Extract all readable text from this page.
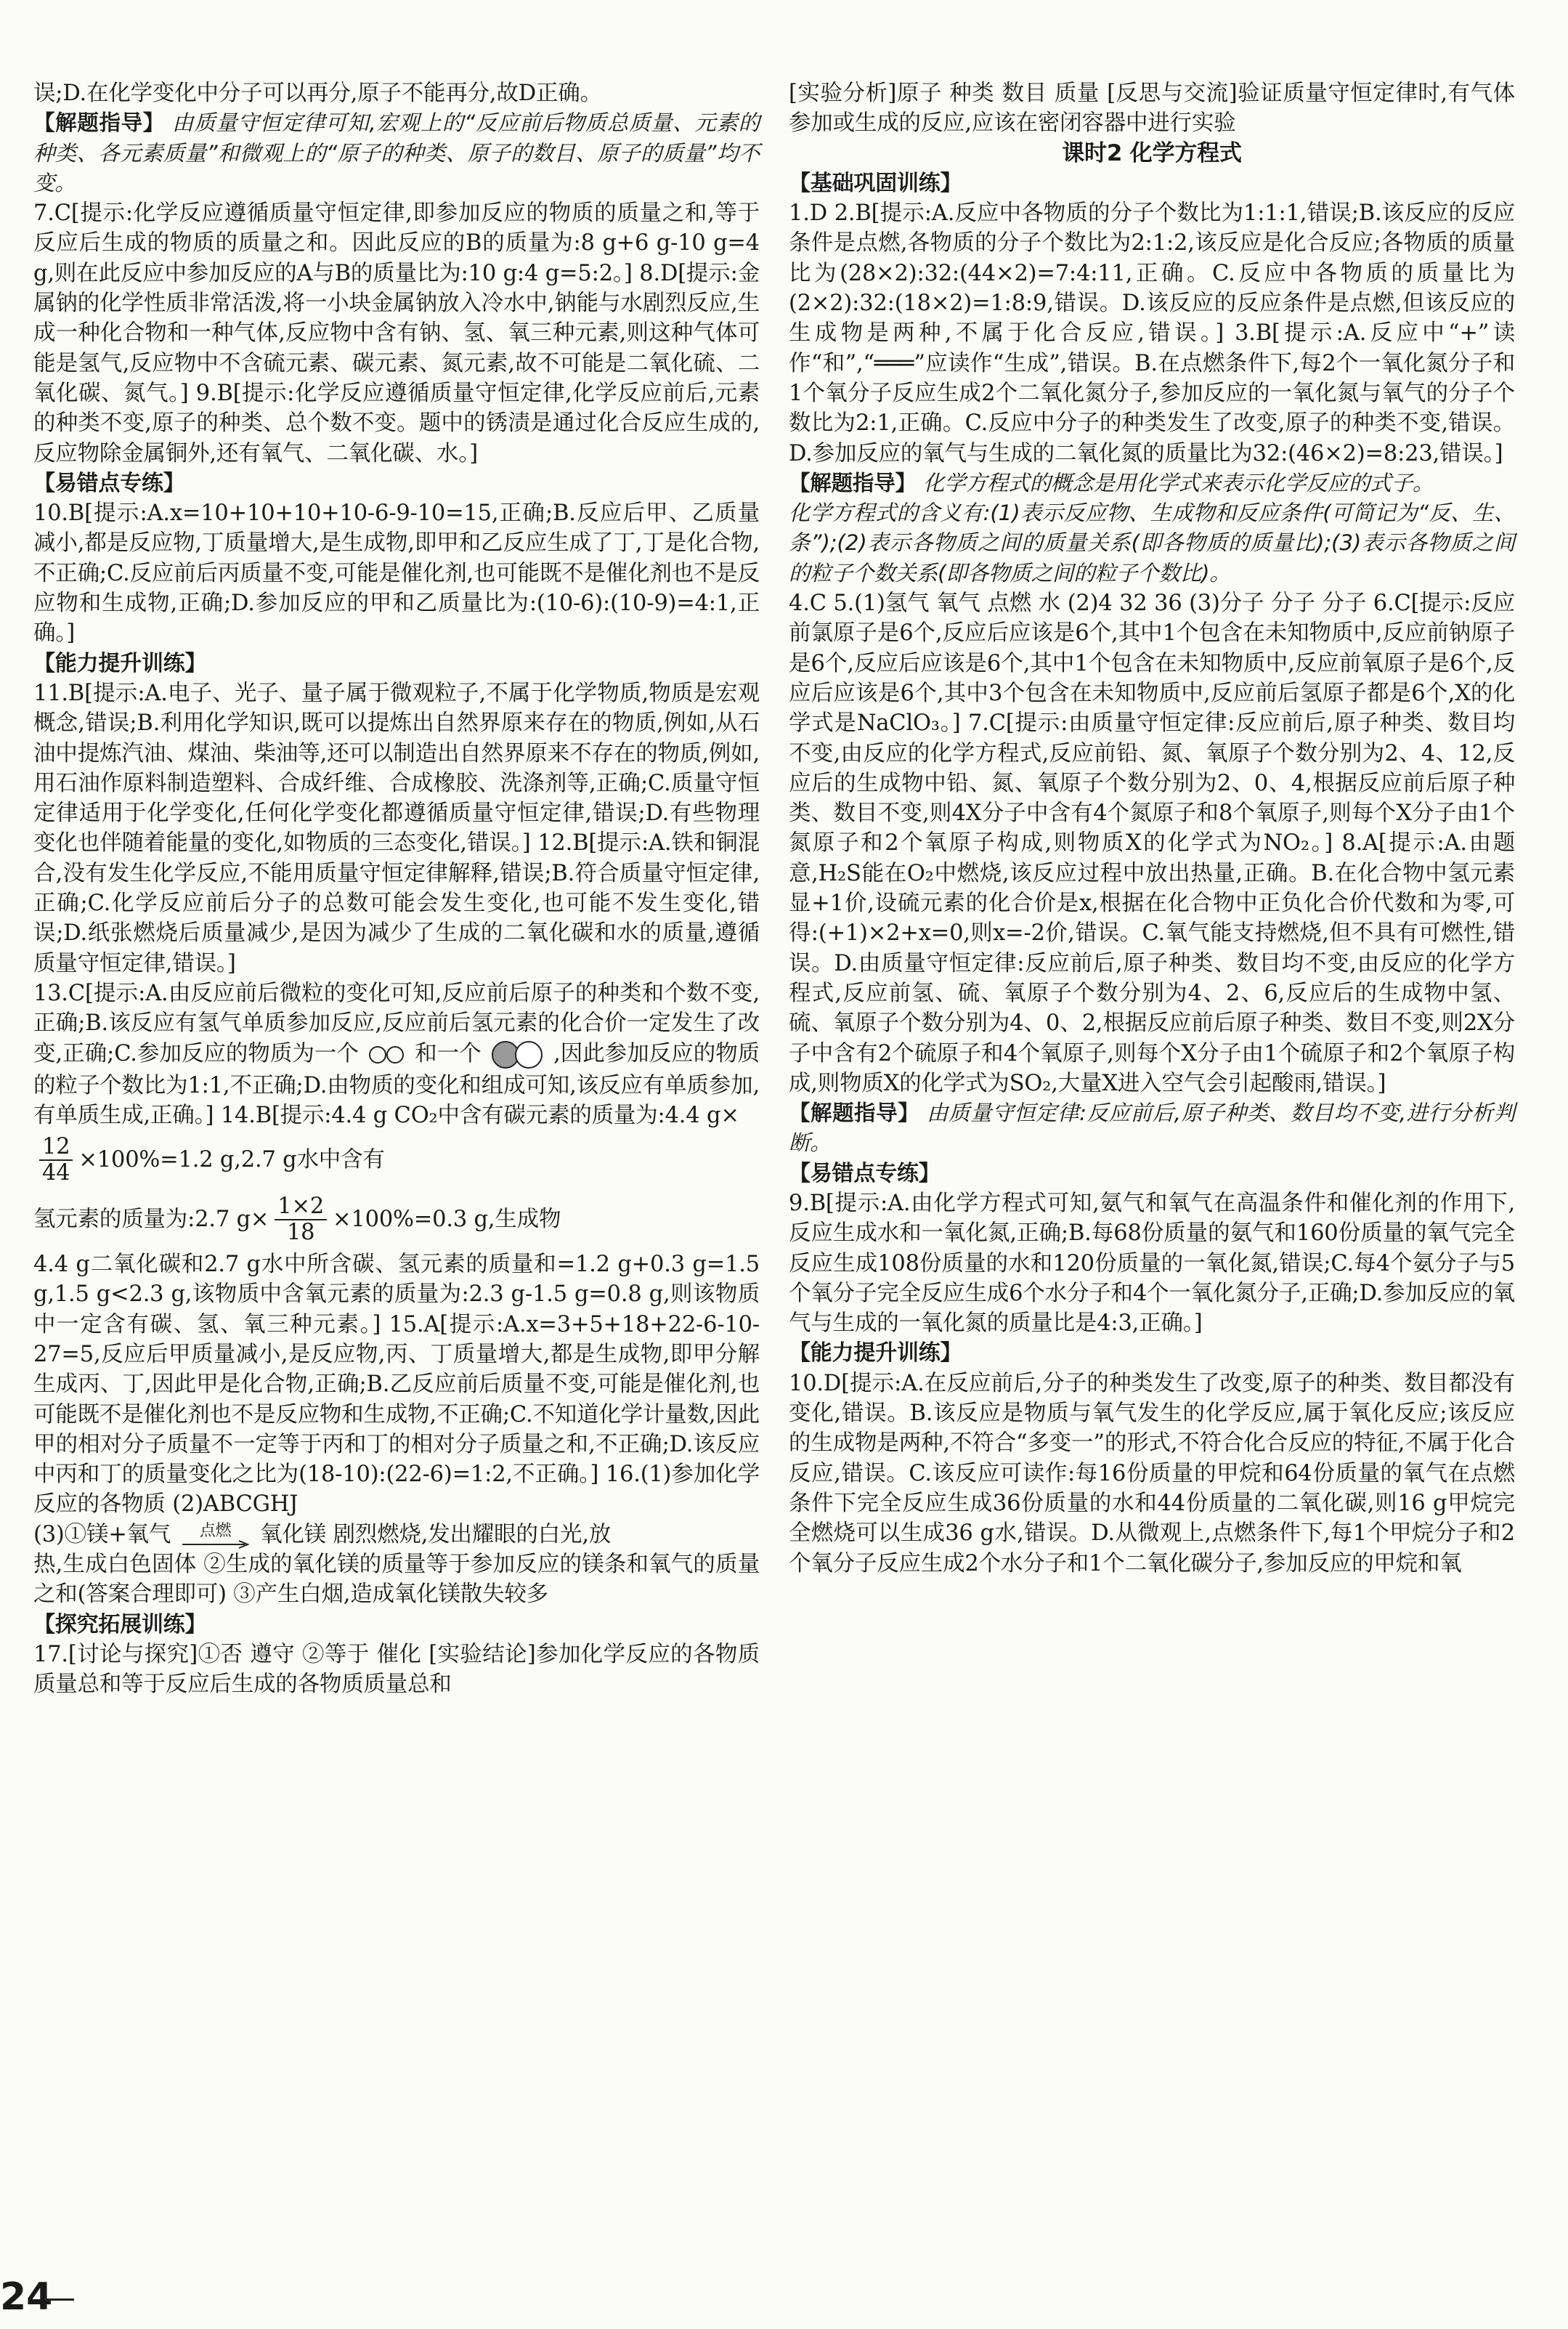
误;D.在化学变化中分子可以再分,原子不能再分,故D正确。

【解题指导】 由质量守恒定律可知,宏观上的“反应前后物质总质量、元素的种类、各元素质量”和微观上的“原子的种类、原子的数目、原子的质量”均不变。

7.C[提示:化学反应遵循质量守恒定律,即参加反应的物质的质量之和,等于反应后生成的物质的质量之和。因此反应的B的质量为:8 g+6 g-10 g=4 g,则在此反应中参加反应的A与B的质量比为:10 g:4 g=5:2。] 8.D[提示:金属钠的化学性质非常活泼,将一小块金属钠放入冷水中,钠能与水剧烈反应,生成一种化合物和一种气体,反应物中含有钠、氢、氧三种元素,则这种气体可能是氢气,反应物中不含硫元素、碳元素、氮元素,故不可能是二氧化硫、二氧化碳、氮气。] 9.B[提示:化学反应遵循质量守恒定律,化学反应前后,元素的种类不变,原子的种类、总个数不变。题中的锈渍是通过化合反应生成的,反应物除金属铜外,还有氧气、二氧化碳、水。]

【易错点专练】

10.B[提示:A.x=10+10+10+10-6-9-10=15,正确;B.反应后甲、乙质量减小,都是反应物,丁质量增大,是生成物,即甲和乙反应生成了丁,丁是化合物,不正确;C.反应前后丙质量不变,可能是催化剂,也可能既不是催化剂也不是反应物和生成物,正确;D.参加反应的甲和乙质量比为:(10-6):(10-9)=4:1,正确。]

【能力提升训练】

11.B[提示:A.电子、光子、量子属于微观粒子,不属于化学物质,物质是宏观概念,错误;B.利用化学知识,既可以提炼出自然界原来存在的物质,例如,从石油中提炼汽油、煤油、柴油等,还可以制造出自然界原来不存在的物质,例如,用石油作原料制造塑料、合成纤维、合成橡胶、洗涤剂等,正确;C.质量守恒定律适用于化学变化,任何化学变化都遵循质量守恒定律,错误;D.有些物理变化也伴随着能量的变化,如物质的三态变化,错误。] 12.B[提示:A.铁和铜混合,没有发生化学反应,不能用质量守恒定律解释,错误;B.符合质量守恒定律,正确;C.化学反应前后分子的总数可能会发生变化,也可能不发生变化,错误;D.纸张燃烧后质量减少,是因为减少了生成的二氧化碳和水的质量,遵循质量守恒定律,错误。]

13.C[提示:A.由反应前后微粒的变化可知,反应前后原子的种类和个数不变,正确;B.该反应有氢气单质参加反应,反应前后氢元素的化合价一定发生了改变,正确;C.参加反应的物质为一个	和一个	,因此参加反应的物质的粒子个数比为1:1,不正确;D.由物质的变化和组成可知,该反应有单质参加,有单质生成,正确。] 14.B[提示:4.4 g CO₂中含有碳元素的质量为:4.4 g×

$\frac{12}{44} \times 100\%=1.2$ g,2.7 g水中含有
氢元素的质量为:2.7 $g\times \frac{1\times 2}{18} \times 100\%=0.3$ g,生成物

4.4 g二氧化碳和2.7 g水中所含碳、氢元素的质量和=1.2 g+0.3 g=1.5 g,1.5 g<2.3 g,该物质中含氧元素的质量为:2.3 g-1.5 g=0.8 g,则该物质中一定含有碳、氢、氧三种元素。] 15.A[提示:A.x=3+5+18+22-6-10-27=5,反应后甲质量减小,是反应物,丙、丁质量增大,都是生成物,即甲分解生成丙、丁,因此甲是化合物,正确;B.乙反应前后质量不变,可能是催化剂,也可能既不是催化剂也不是反应物和生成物,不正确;C.不知道化学计量数,因此甲的相对分子质量不一定等于丙和丁的相对分子质量之和,不正确;D.该反应中丙和丁的质量变化之比为(18-10):(22-6)=1:2,不正确。] 16.(1)参加化学反应的各物质 (2)ABCGHJ

(3)①镁+氧气 点燃 氧化镁 剧烈燃烧,发出耀眼的白光,放

热,生成白色固体 ②生成的氧化镁的质量等于参加反应的镁条和氧气的质量之和(答案合理即可) ③产生白烟,造成氧化镁散失较多

【探究拓展训练】

17.[讨论与探究]①否 遵守 ②等于 催化 [实验结论]参加化学反应的各物质质量总和等于反应后生成的各物质质量总和

[实验分析]原子 种类 数目 质量 [反思与交流]验证质量守恒定律时,有气体参加或生成的反应,应该在密闭容器中进行实验

课时2 化学方程式

【基础巩固训练】

1.D 2.B[提示:A.反应中各物质的分子个数比为1:1:1,错误;B.该反应的反应条件是点燃,各物质的分子个数比为2:1:2,该反应是化合反应;各物质的质量比为(28×2):32:(44×2)=7:4:11,正确。C.反应中各物质的质量比为(2×2):32:(18×2)=1:8:9,错误。D.该反应的反应条件是点燃,但该反应的生成物是两种,不属于化合反应,错误。] 3.B[提示:A.反应中“+”读作“和”,“═══”应读作“生成”,错误。B.在点燃条件下,每2个一氧化氮分子和1个氧分子反应生成2个二氧化氮分子,参加反应的一氧化氮与氧气的分子个数比为2:1,正确。C.反应中分子的种类发生了改变,原子的种类不变,错误。D.参加反应的氧气与生成的二氧化氮的质量比为32:(46×2)=8:23,错误。]

【解题指导】 化学方程式的概念是用化学式来表示化学反应的式子。

化学方程式的含义有:(1)表示反应物、生成物和反应条件(可简记为“反、生、条”);(2)表示各物质之间的质量关系(即各物质的质量比);(3)表示各物质之间的粒子个数关系(即各物质之间的粒子个数比)。

4.C 5.(1)氢气 氧气 点燃 水 (2)4 32 36 (3)分子 分子 分子 6.C[提示:反应前氯原子是6个,反应后应该是6个,其中1个包含在未知物质中,反应前钠原子是6个,反应后应该是6个,其中1个包含在未知物质中,反应前氧原子是6个,反应后应该是6个,其中3个包含在未知物质中,反应前后氢原子都是6个,X的化学式是NaClO₃。] 7.C[提示:由质量守恒定律:反应前后,原子种类、数目均不变,由反应的化学方程式,反应前铅、氮、氧原子个数分别为2、4、12,反应后的生成物中铅、氮、氧原子个数分别为2、0、4,根据反应前后原子种类、数目不变,则4X分子中含有4个氮原子和8个氧原子,则每个X分子由1个氮原子和2个氧原子构成,则物质X的化学式为NO₂。] 8.A[提示:A.由题意,H₂S能在O₂中燃烧,该反应过程中放出热量,正确。B.在化合物中氢元素显+1价,设硫元素的化合价是x,根据在化合物中正负化合价代数和为零,可得:(+1)×2+x=0,则x=-2价,错误。C.氧气能支持燃烧,但不具有可燃性,错误。D.由质量守恒定律:反应前后,原子种类、数目均不变,由反应的化学方程式,反应前氢、硫、氧原子个数分别为4、2、6,反应后的生成物中氢、硫、氧原子个数分别为4、0、2,根据反应前后原子种类、数目不变,则2X分子中含有2个硫原子和4个氧原子,则每个X分子由1个硫原子和2个氧原子构成,则物质X的化学式为SO₂,大量X进入空气会引起酸雨,错误。]

【解题指导】 由质量守恒定律:反应前后,原子种类、数目均不变,进行分析判断。

【易错点专练】

9.B[提示:A.由化学方程式可知,氨气和氧气在高温条件和催化剂的作用下,反应生成水和一氧化氮,正确;B.每68份质量的氨气和160份质量的氧气完全反应生成108份质量的水和120份质量的一氧化氮,错误;C.每4个氨分子与5个氧分子完全反应生成6个水分子和4个一氧化氮分子,正确;D.参加反应的氧气与生成的一氧化氮的质量比是4:3,正确。]

【能力提升训练】

10.D[提示:A.在反应前后,分子的种类发生了改变,原子的种类、数目都没有变化,错误。B.该反应是物质与氧气发生的化学反应,属于氧化反应;该反应的生成物是两种,不符合“多变一”的形式,不符合化合反应的特征,不属于化合反应,错误。C.该反应可读作:每16份质量的甲烷和64份质量的氧气在点燃条件下完全反应生成36份质量的水和44份质量的二氧化碳,则16 g甲烷完全燃烧可以生成36 g水,错误。D.从微观上,点燃条件下,每1个甲烷分子和2个氧分子反应生成2个水分子和1个二氧化碳分子,参加反应的甲烷和氧

24
